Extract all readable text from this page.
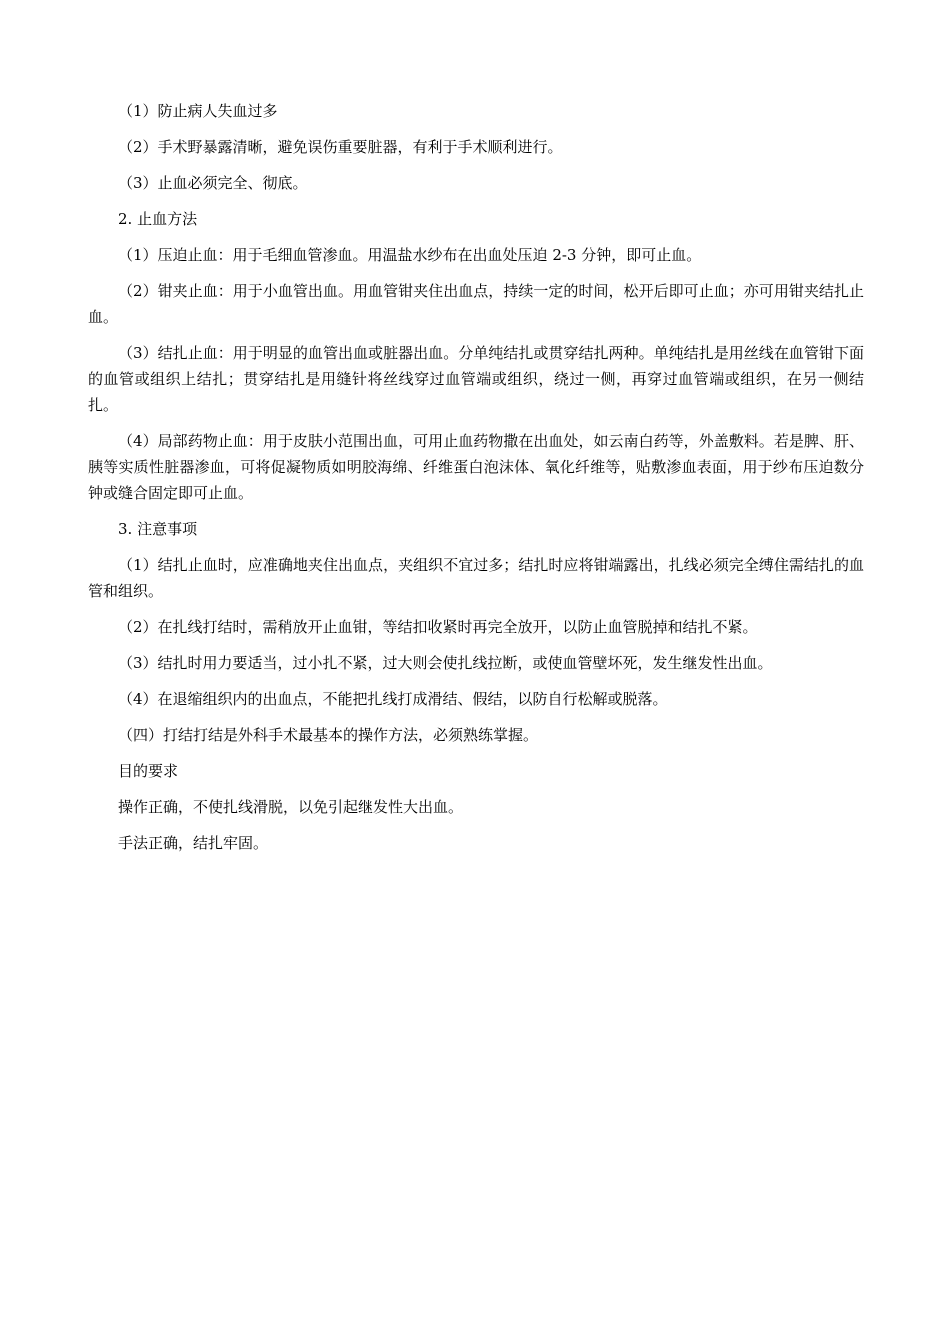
（1）防止病人失血过多

（2）手术野暴露清晰，避免误伤重要脏器，有利于手术顺利进行。

（3）止血必须完全、彻底。

2. 止血方法

（1）压迫止血：用于毛细血管渗血。用温盐水纱布在出血处压迫 2-3 分钟，即可止血。

（2）钳夹止血：用于小血管出血。用血管钳夹住出血点，持续一定的时间，松开后即可止血；亦可用钳夹结扎止血。

（3）结扎止血：用于明显的血管出血或脏器出血。分单纯结扎或贯穿结扎两种。单纯结扎是用丝线在血管钳下面的血管或组织上结扎；贯穿结扎是用缝针将丝线穿过血管端或组织，绕过一侧，再穿过血管端或组织，在另一侧结扎。

（4）局部药物止血：用于皮肤小范围出血，可用止血药物撒在出血处，如云南白药等，外盖敷料。若是脾、肝、胰等实质性脏器渗血，可将促凝物质如明胶海绵、纤维蛋白泡沫体、氧化纤维等，贴敷渗血表面，用于纱布压迫数分钟或缝合固定即可止血。

3. 注意事项

（1）结扎止血时，应准确地夹住出血点，夹组织不宜过多；结扎时应将钳端露出，扎线必须完全缚住需结扎的血管和组织。

（2）在扎线打结时，需稍放开止血钳，等结扣收紧时再完全放开，以防止血管脱掉和结扎不紧。

（3）结扎时用力要适当，过小扎不紧，过大则会使扎线拉断，或使血管壁坏死，发生继发性出血。

（4）在退缩组织内的出血点，不能把扎线打成滑结、假结，以防自行松解或脱落。

（四）打结打结是外科手术最基本的操作方法，必须熟练掌握。

目的要求

操作正确，不使扎线滑脱，以免引起继发性大出血。

手法正确，结扎牢固。
